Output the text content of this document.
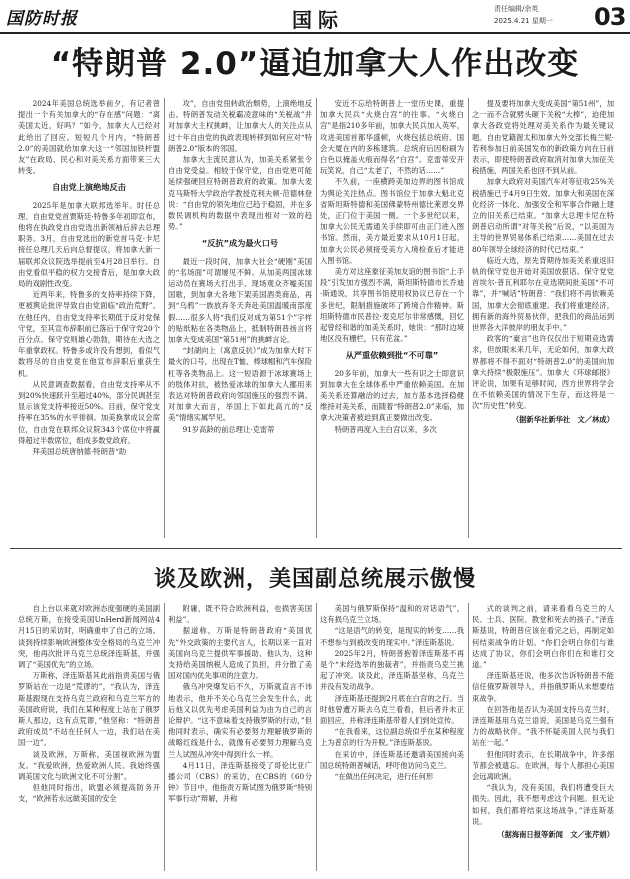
国防时报	国际	责任编辑/余英
2025.4.21 星期一 03
“特朗普 2.0”逼迫加拿大人作出改变

2024年美国总统选举前夕，有记者曾提出一个有关加拿大的“存在感”问题：“离美国太近，好吗？”如今，加拿大人已经对此给出了回应。短短几个月内，“特朗普 2.0”的美国就给加拿大这一“邻国加铁杆盟友”在政局、民心和对美关系方面带来三大转变。

自由党上演绝地反击

2025年是加拿大联邦选举年。时任总理、自由党党首贾斯廷·特鲁多年初即宣布，他将在执政党自由党选出新领袖后辞去总理职务。3月，自由党选出的新党首马克·卡尼接任总理几天后向总督提议，将加拿大新一届联邦众议院选举提前至4月28日举行。自由党看似平稳的权力交接背后，是加拿大政局的戏剧性改变。

近两年来，特鲁多的支持率持续下降，更被舆论批评导致自由党面临“政治荒野”。在他任内，自由党支持率长期低于反对党保守党，至其宣布辞职前已落后于保守党20个百分点。保守党则雄心勃勃，期待在大选之年重掌政权。特鲁多或许没有想到，看似气数将尽的自由党竟在他宣布辞职后重获生机。

从民意调查数据看，自由党支持率从不到20%快速跃升至超过40%，部分民调甚至显示该党支持率接近50%。目前，保守党支持率在35%的水平徘徊。加美换掌成议会席位，自由党在联邦众议院343个席位中将赢得超过半数席位，组成多数党政府。

拜美国总统唐纳德·特朗普“助

攻”，自由党扭转政治颓势，上演绝地反击。特朗普发动关税霸凌意味的“关税战”并对加拿大主权挑衅，让加拿大人的关注点从过十年自由党的执政表现转移到如何应对“特朗普2.0”版本的邻国。

加拿大主流民意认为，加美关系紧张令自由党受益。相较于保守党，自由党更可能延续强硬回应特朗普政府的政策。加拿大麦克马斯特大学政治学教授克利夫顿·范德林登说：“自由党的领先地位已趋于稳固，并在多数民调机构的数据中表现出相对一致的趋势。”

“反抗”成为最火口号

最近一段时间，加拿大社会“硬刚”美国的“名场面”可谓屡见不鲜。从加美两国冰球运动员在赛场大打出手、现场观众齐嘘美国国歌，到加拿大各地下架美国酒类商品，再到“乌鸦”一族放弃冬天奔赴美国温暖南部度假……很多人将“我们反对成为第51个”字样的贴纸粘在各类物品上，抵制特朗普扬言将加拿大变成美国“第51州”的挑衅言论。

“封湖向上（寓意反抗）”成为加拿大时下最火的口号，出现在T恤、棒球帽和汽车保险杠等各类物品上。这一短语源于冰球赛场上的肢体对抗，被热爱冰球的加拿大人挪用来表达对特朗普政府向邻国施压的强烈不满。对加拿大而言，举国上下如此高亢的“反美”情绪实属罕见。

91岁高龄的前总理让·克雷蒂

安近不忘给特朗普上一堂历史课，重提加拿大民兵“火烧白宫”的往事。“火烧白宫”是指210多年前，加拿大民兵加入英军，攻进美国首都华盛顿，火烧包括总统府、国会大厦在内的多栋建筑。总统府后因粉刷为白色以掩盖火痕而得名“白宫”。克雷蒂安开玩笑说，自己“太老了，不然的话……”

不久前，一座横跨美加边界的图书馆成为舆论关注热点。图书馆位于加拿大魁北克省斯坦斯特德和美国佛蒙特州德比莱恩交界处，正门位于美国一侧。一个多世纪以来，加拿大公民无需通关手续即可由正门进入图书馆。然而，美方最近要求从10月1日起，加拿大公民必须接受美方入境检查后才能进入图书馆。

美方对这座象征美加友谊的图书馆“上手段”引发加方强烈不满，斯坦斯特德市长乔迪·斯通说，共享图书馆使用权协议已存在一个多世纪，限制措施破坏了跨境合作精神。斯坦斯特德市民普拉·麦克尼尔非常感慨，回忆起曾经和谐的加美关系时，她说：“那时边境地区没有栅栏，只有花盆。”

从严重依赖到批“不可靠”

20多年前，加拿大一些有识之士即意识到加拿大在全球体系中严重依赖美国。在加美关系还算融洽的过去，加方基本选择稳健维持对美关系，而随着“特朗普2.0”来临，加拿大决策者被迫到真正要做出改变。

特朗普再度入主白宫以来，多次

提及要将加拿大变成美国“第51州”，加之一而不合就劈头砸下关税“大棒”，迫使加拿大各政党将处理对美关系作为最关键议题。自由党籍渥太和加拿大外交部长梅兰妮·若利参加日前美国发布的新政策方向在日前表示，即使特朗普政府取消对加拿大加征关税措施，两国关系也回不到从前。

加拿大政府对美国汽车对等征收25%关税措施已于4月9日生效。加拿大和美国在深化经济一体化、加强安全和军事合作融上建立的旧关系已结束。“加拿大总理卡尼在特朗普启动所谓“对等关税”后说，“以美国为主导的世界贸易体系已结束……美国在过去80年领导全球经济的时代已结束。”

临近大选，原先背期待加美关系重返旧轨的保守党也开始对美国放狠话。保守党党首埃尔·普瓦利耶尔在竞选期间批美国“不可靠”，并“喊话”特朗普：“我们将不再依赖美国，加拿大会彻底重建。我们将重建经济，拥有新的海外贸易伙伴，把我们的商品运到世界各大洋彼岸的朋友手中。”

政客的“豪言”也许仅仅出于短期竞选需求，但放眼未来几年，无论如何，加拿大政界都将不得不面对“特朗普2.0”的美国向加拿大持续“极限施压”。加拿大《环球邮报》评论说，加果有足够时间，西方世界将学会在不依赖美国的情况下生存，而这将是一次“历史性”转变。

（据新华社新华社　文／林成）

谈及欧洲，美国副总统展示傲慢

自上台以来就对欧洲态度强硬的美国副总统万斯，在接受美国UnHerd新闻网站4月15日的采访时，明确重申了自己的立场。谈到持续影响欧洲整体安全格局的乌克兰冲突，他再次批评乌克兰总统泽连斯基，并强调了“美国优先”的立场。

万斯称，泽连斯基其此前指责美国与俄罗斯站在一边是“荒谬的”，“我认为，泽连斯基跟现在支持乌克兰政府和乌克兰军方的美国政府说，我们在某种程度上站在了俄罗斯人那边，这有点荒谬，”他坚称：“特朗普政府成员”不站在任何人一边，我们站在美国一边”。

谈及欧洲，万斯称，美国视欧洲为盟友。“我爱欧洲，热爱欧洲人民。我始终强调美国文化与欧洲文化不可分割”。

但他同时指出，欧盟必须提高防务开支，“欧洲若永远做美国的安全

附庸，既不符合欧洲利益，也损害美国利益”。

据道称，万斯是特朗普政府“美国优先”外交政策的主要代言人，长期以来一直对美国向乌克兰提供军事援助、他认为，这种支持给美国纳税人造成了负担，并分散了美国对国内优先事项的注意力。

俄乌冲突爆发后不久，万斯就直言不讳地表示，他并不关心乌克兰会发生什么，此后他又以优先考虑美国利益为由为自己的言论辩护。“这不意味着支持俄罗斯的行动，”但他同时表示，确实有必要努力理解俄罗斯的战略红线是什么，就像有必要努力理解乌克兰人试图从冲突中得到什么一样。

4月11日，泽连斯基接受了哥伦比亚广播公司（CBS）的采访，在CBS的《60分钟》节目中，他指责万斯试图为俄罗斯“特别军事行动”辩解，并称

美国与俄罗斯保持“温和的对话语气”，这有损乌克兰立场。

“这是语气的转变，是现实的转变……我不想参与到被改变的现实中。”泽连斯基说。

2025年2月，特朗普抱着泽连斯基不再是个“未经选举的独裁者”，并指责乌克兰挑起了冲突。谈及此，泽连斯基坚称，乌克兰并没有发动战争。

泽连斯基还提到2月底在白宫的之行。当时他曾遭万斯去乌克兰看看，但后者并未正面回应，并称泽连斯基带着人们到处宣传。

“在我看来，这位副总统似乎在某种程度上为普京的行为开脱。”泽连斯基说。

在采访中，泽连斯基还邀请美国接向美国总统特朗普喊话，呼吁他访问乌克兰。

“在做出任何决定，进行任何形

式的谈判之前，请来看看乌克兰的人民、士兵、医院、教堂和死去的孩子。”泽连斯基说，特朗普应该在看完之后，再制定如何结束战争的计划。“你们会明白你们与谁达成了协议，你们会明白你们在和谁打交道。”

泽连斯基还说，他多次告诉特朗普不能信任俄罗斯领导人，并指俄罗斯从未想要结束战争。

在回答他是否认为美国支持乌克兰时，泽连斯基用乌克兰语说，美国是乌克兰强有力的战略伙伴。“我不怀疑美国人民与我们站在一起。”

但他同时表示，在长期战争中，许多细节都会被遗忘。在欧洲，每个人都担心美国会远离欧洲。

“我认为，没有美国，我们将遭受巨大损失。因此，我不想考虑这个问题。但无论如何，我们都将结束这场战争。”泽连斯基说。

（据海南日报等新闻　文／张芹娟）
